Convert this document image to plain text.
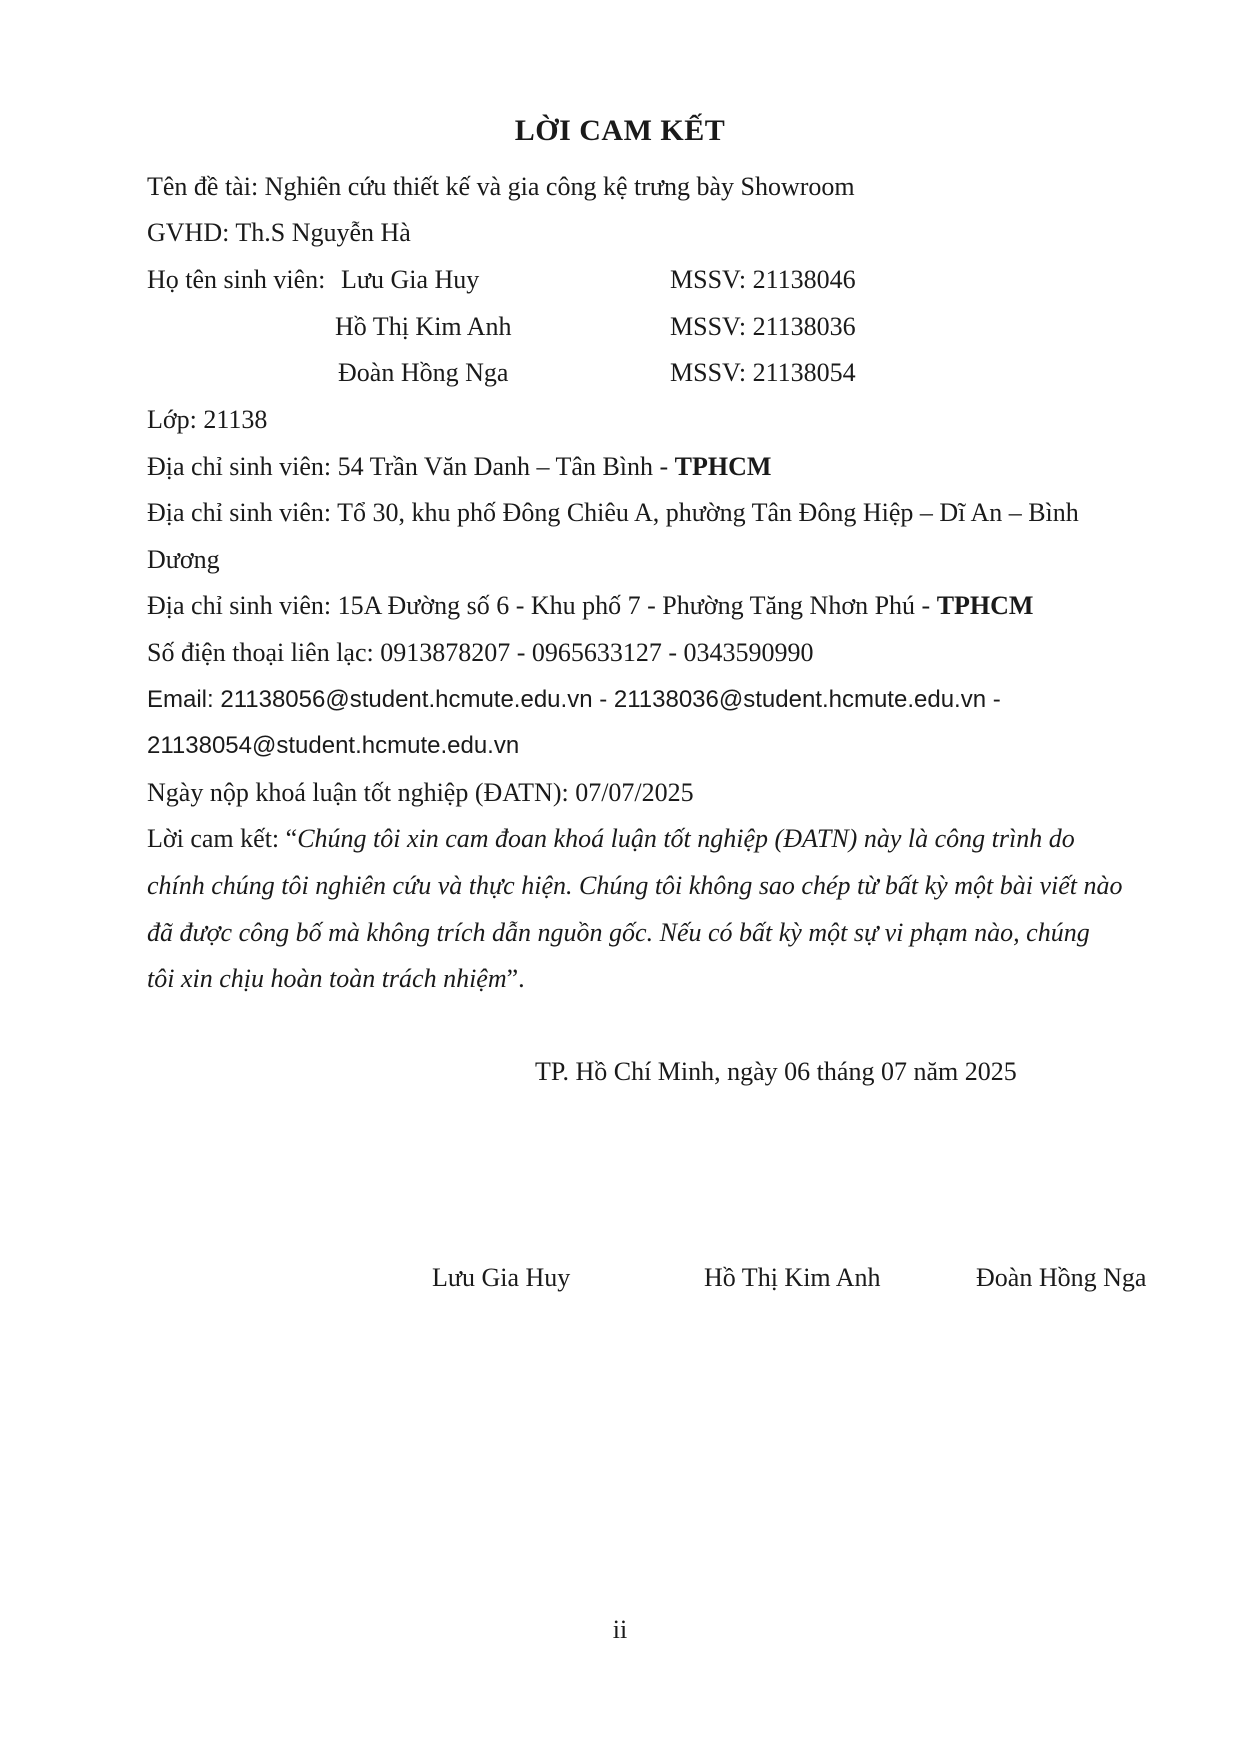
LỜI CAM KẾT
Tên đề tài: Nghiên cứu thiết kế và gia công kệ trưng bày Showroom
GVHD: Th.S Nguyễn Hà
Họ tên sinh viên: Lưu Gia Huy	MSSV: 21138046
Hồ Thị Kim Anh	MSSV: 21138036
Đoàn Hồng Nga	MSSV: 21138054
Lớp: 21138
Địa chỉ sinh viên: 54 Trần Văn Danh – Tân Bình - TPHCM
Địa chỉ sinh viên: Tổ 30, khu phố Đông Chiêu A, phường Tân Đông Hiệp – Dĩ An – Bình
Dương
Địa chỉ sinh viên: 15A Đường số 6 - Khu phố 7 - Phường Tăng Nhơn Phú - TPHCM
Số điện thoại liên lạc: 0913878207 - 0965633127 - 0343590990
Email: 21138056@student.hcmute.edu.vn - 21138036@student.hcmute.edu.vn -
21138054@student.hcmute.edu.vn
Ngày nộp khoá luận tốt nghiệp (ĐATN): 07/07/2025
Lời cam kết: “Chúng tôi xin cam đoan khoá luận tốt nghiệp (ĐATN) này là công trình do
chính chúng tôi nghiên cứu và thực hiện. Chúng tôi không sao chép từ bất kỳ một bài viết nào
đã được công bố mà không trích dẫn nguồn gốc. Nếu có bất kỳ một sự vi phạm nào, chúng
tôi xin chịu hoàn toàn trách nhiệm”.
TP. Hồ Chí Minh, ngày 06 tháng 07 năm 2025
Lưu Gia Huy	Hồ Thị Kim Anh	Đoàn Hồng Nga
ii
